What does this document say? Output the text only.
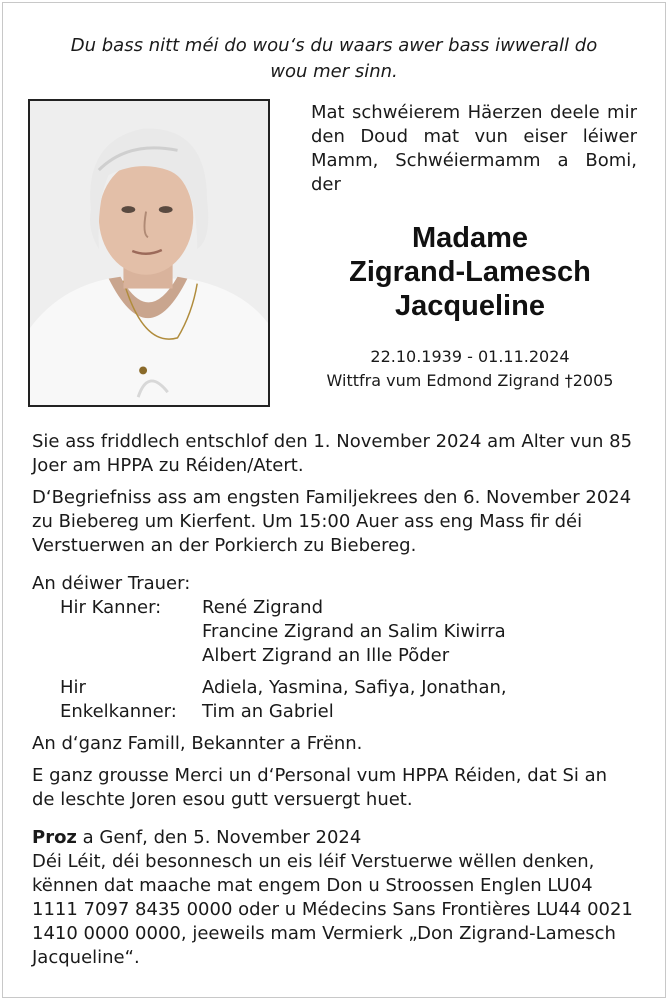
Du bass nitt méi do wou‘s du waars awer bass iwwerall do
wou mer sinn.
Mat schwéierem Häerzen deele mir den Doud mat vun eiser léiwer Mamm, Schwéiermamm a Bomi, der
Madame
Zigrand-Lamesch
Jacqueline
22.10.1939 - 01.11.2024
Wittfra vum Edmond Zigrand †2005

Sie ass friddlech entschlof den 1. November 2024 am Alter vun 85 Joer am HPPA zu Réiden/Atert.

D‘Begriefniss ass am engsten Familjekrees den 6. November 2024 zu Biebereg um Kierfent. Um 15:00 Auer ass eng Mass fir déi Verstuerwen an der Porkierch zu Biebereg.

An déiwer Trauer:

Hir Kanner:	René Zigrand
Francine Zigrand an Salim Kiwirra
Albert Zigrand an Ille Põder
Hir Enkelkanner:
Adiela, Yasmina, Safiya, Jonathan,
Tim an Gabriel

An d‘ganz Famill, Bekannter a Frënn.

E ganz grousse Merci un d‘Personal vum HPPA Réiden, dat Si an de leschte Joren esou gutt versuergt huet.

Proz a Genf, den 5. November 2024

Déi Léit, déi besonnesch un eis léif Verstuerwe wëllen denken, kënnen dat maache mat engem Don u Stroossen Englen LU04 1111 7097 8435 0000 oder u Médecins Sans Frontières LU44 0021 1410 0000 0000, jeeweils mam Vermierk „Don Zigrand-Lamesch Jacqueline“.
